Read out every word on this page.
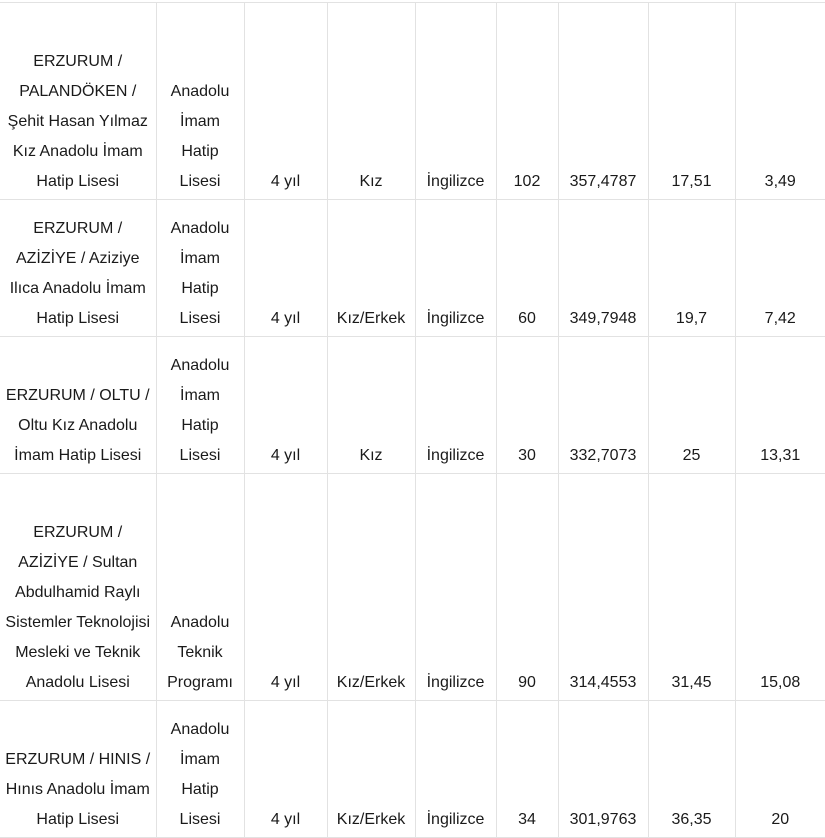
ERZURUM / PALANDÖKEN / Şehit Hasan Yılmaz Kız Anadolu İmam Hatip Lisesi	Anadolu İmam Hatip Lisesi	4 yıl	Kız	İngilizce	102	357,4787	17,51	3,49
ERZURUM / AZİZİYE / Aziziye Ilıca Anadolu İmam Hatip Lisesi	Anadolu İmam Hatip Lisesi	4 yıl	Kız/Erkek	İngilizce	60	349,7948	19,7	7,42
ERZURUM / OLTU / Oltu Kız Anadolu İmam Hatip Lisesi	Anadolu İmam Hatip Lisesi	4 yıl	Kız	İngilizce	30	332,7073	25	13,31
ERZURUM / AZİZİYE / Sultan Abdulhamid Raylı Sistemler Teknolojisi Mesleki ve Teknik Anadolu Lisesi	Anadolu Teknik Programı	4 yıl	Kız/Erkek	İngilizce	90	314,4553	31,45	15,08
ERZURUM / HINIS / Hınıs Anadolu İmam Hatip Lisesi	Anadolu İmam Hatip Lisesi	4 yıl	Kız/Erkek	İngilizce	34	301,9763	36,35	20
